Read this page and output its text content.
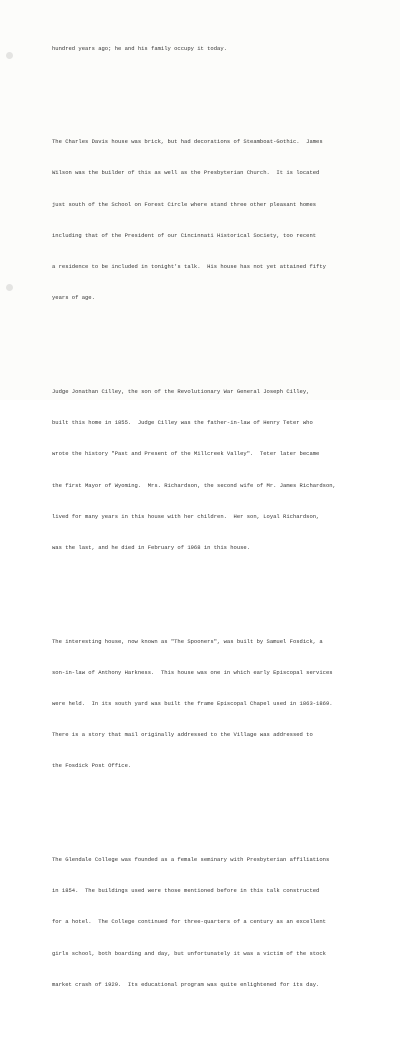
hundred years ago; he and his family occupy it today.

The Charles Davis house was brick, but had decorations of Steamboat-Gothic.  James

Wilson was the builder of this as well as the Presbyterian Church.  It is located

just south of the School on Forest Circle where stand three other pleasant homes

including that of the President of our Cincinnati Historical Society, too recent

a residence to be included in tonight's talk.  His house has not yet attained fifty

years of age.

Judge Jonathan Cilley, the son of the Revolutionary War General Joseph Cilley,

built this home in 1855.  Judge Cilley was the father-in-law of Henry Teter who

wrote the history "Past and Present of the Millcreek Valley".  Teter later became

the first Mayor of Wyoming.  Mrs. Richardson, the second wife of Mr. James Richardson,

lived for many years in this house with her children.  Her son, Loyal Richardson,

was the last, and he died in February of 1968 in this house.

The interesting house, now known as "The Spooners", was built by Samuel Fosdick, a

son-in-law of Anthony Harkness.  This house was one in which early Episcopal services

were held.  In its south yard was built the frame Episcopal Chapel used in 1863-1869.

There is a story that mail originally addressed to the Village was addressed to

the Fosdick Post Office.

The Glendale College was founded as a female seminary with Presbyterian affiliations

in 1854.  The buildings used were those mentioned before in this talk constructed

for a hotel.  The College continued for three-quarters of a century as an excellent

girls school, both boarding and day, but unfortunately it was a victim of the stock

market crash of 1929.  Its educational program was quite enlightened for its day.
